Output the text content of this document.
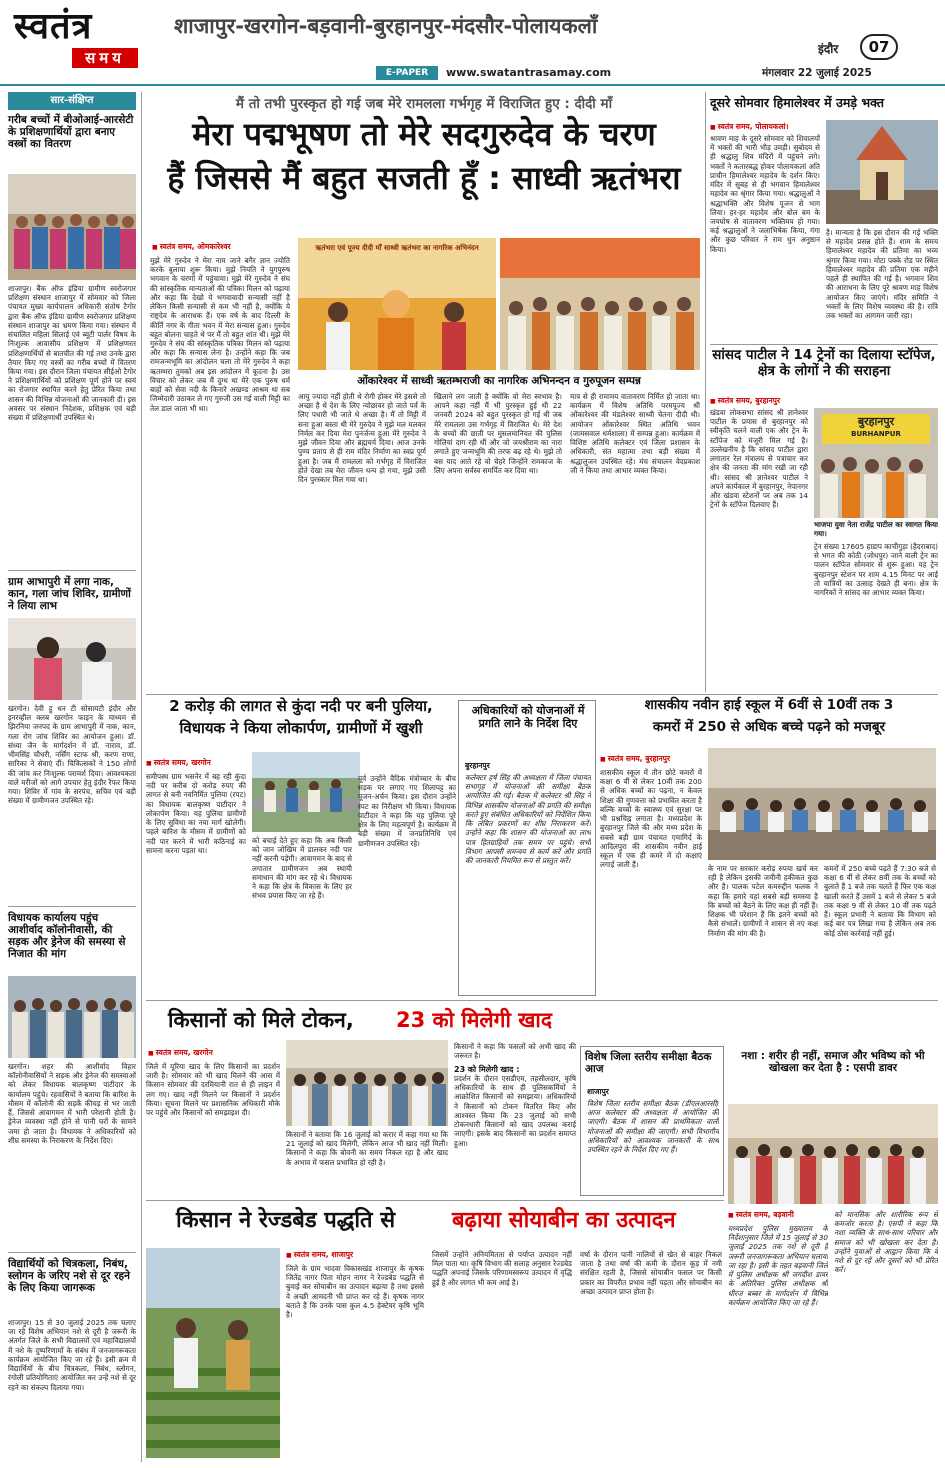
स्वतंत्र
समय
शाजापुर-खरगोन-बड़वानी-बुरहानपुर-मंदसौर-पोलायकलाँ
इंदौर	07
E-PAPER	www.swatantrasamay.com	मंगलवार 22 जुलाई 2025
सार-संक्षिप्त
गरीब बच्चों में बीओआई-आरसेटी के प्रशिक्षणार्थियों द्वारा बनाए वस्त्रों का वितरण
शाजापुर। बैंक ऑफ इंडिया ग्रामीण स्वरोजगार प्रशिक्षण संस्थान शाजापुर में सोमवार को जिला पंचायत मुख्य कार्यपालन अधिकारी संतोष टैगोर द्वारा बैंक ऑफ इंडिया ग्रामीण स्वरोजगार प्रशिक्षण संस्थान शाजापुर का भ्रमण किया गया। संस्थान में संचालित महिला सिलाई एवं ब्यूटी पार्लर विषय के निःशुल्क आवासीय प्रशिक्षण में प्रशिक्षणरत प्रशिक्षणार्थियों से बातचीत की गई तथा उनके द्वारा तैयार किए गए वस्त्रों का गरीब बच्चों में वितरण किया गया। इस दौरान जिला पंचायत सीईओ टैगोर ने प्रशिक्षणार्थियों को प्रशिक्षण पूर्ण होने पर स्वयं का रोजगार स्थापित करने हेतु प्रेरित किया तथा शासन की विभिन्न योजनाओं की जानकारी दी। इस अवसर पर संस्थान निदेशक, प्रशिक्षक एवं बड़ी संख्या में प्रशिक्षणार्थी उपस्थित थे।
ग्राम आभापुरी में लगा नाक, कान, गला जांच शिविर, ग्रामीणों ने लिया लाभ
खरगोन। देवी हु धन टी सोसायटी इंदौर और इनरव्हील क्लब खरगोन फाइन के माध्यम से झिरनिया जनपद के ग्राम आभापुरी में नाक, कान, गला रोग जांच शिविर का आयोजन हुआ। डॉ. संध्या जैन के मार्गदर्शन में डॉ. नाराव, डॉ. भीमसिंह चौधरी, नर्सिंग स्टाफ श्री, करण राणा, सारिका ने सेवाएं दीं। चिकित्सकों ने 150 लोगों की जांच कर निःशुल्क परामर्श दिया। आवश्यकता वाले मरीजों को आगे उपचार हेतु इंदौर रैफर किया गया। शिविर में गांव के सरपंच, सचिव एवं बड़ी संख्या में ग्रामीणजन उपस्थित रहे।
विधायक कार्यालय पहुंच आशीर्वाद कॉलोनीवासी, की सड़क और ड्रेनेज की समस्या से निजात की मांग
खरगोन। शहर की आशीर्वाद विहार कॉलोनीवासियों ने सड़क और ड्रेनेज की समस्याओं को लेकर विधायक बालकृष्ण पाटीदार के कार्यालय पहुंचे। रहवासियों ने बताया कि बारिश के मौसम में कॉलोनी की सड़कें कीचड़ से भर जाती हैं, जिससे आवागमन में भारी परेशानी होती है। ड्रेनेज व्यवस्था नहीं होने से पानी घरों के सामने जमा हो जाता है। विधायक ने अधिकारियों को शीघ्र समस्या के निराकरण के निर्देश दिए।
विद्यार्थियों को चित्रकला, निबंध, स्लोगन के जरिए नशे से दूर रहने के लिए किया जागरूक
शाजापुर। 15 से 30 जुलाई 2025 तक चलाए जा रहे विशेष अभियान नशे से दूरी है जरूरी के अंतर्गत जिले के सभी विद्यालयों एवं महाविद्यालयों में नशे के दुष्परिणामों के संबंध में जनजागरूकता कार्यक्रम आयोजित किए जा रहे हैं। इसी क्रम में विद्यार्थियों के बीच चित्रकला, निबंध, स्लोगन, रंगोली प्रतियोगिताएं आयोजित कर उन्हें नशे से दूर रहने का संकल्प दिलाया गया।
मैं तो तभी पुरस्कृत हो गई जब मेरे रामलला गर्भगृह में विराजित हुए : दीदी माँ
मेरा पद्मभूषण तो मेरे सदगुरुदेव के चरण
हैं जिससे मैं बहुत सजती हूँ : साध्वी ऋतंभरा
■ स्वतंत्र समय, ओमकारेश्वर	ऋतंभरा एवं पूज्य दीदी माँ साध्वी ऋतंभरा का नागरिक अभिनंदन
ओंकारेश्वर में साध्वी ऋतम्भराजी का नागरिक अभिनन्दन व गुरुपूजन सम्पन्न
मुझे मेरे गुरुदेव ने मेरा नाम जाने बगैर ज्ञान ज्योति करके बुलाया शुरू किया। मुझे नियति ने युगपुरुष भगवान के चरणों में पहुंचाया। मुझे मेरे गुरुदेव ने संघ की सांस्कृतिक मान्यताओं की पत्रिका मिलन को पढ़ाया और कहा कि देखो ये भगवावादी सन्यासी नहीं है लेकिन किसी सन्यासी से कम भी नहीं है, क्योंकि ये राष्ट्रदेव के आराधक हैं। एक वर्ष के बाद दिल्ली के कीर्ति नगर के गीता भवन में मेरा सन्यास हुआ। गुरुदेव बहुत बोलना चाहते थे पर मैं तो बहुत शांत थी। मुझे मेरे गुरुदेव ने संघ की सांस्कृतिक पत्रिका मिलन को पढ़ाया और कहा कि सन्यास लेना है। उन्होंने कहा कि जब रामजन्मभूमि का आंदोलन चला तो मेरे गुरुदेव ने कहा ऋतम्भरा तुमको अब इस आंदोलन में कूदना है। उस विचार को लेकर जब मैं दुग्ध था मेरे एक पुरुष धर्म बाहों को सेवा नदी के किनारे अखण्ड आश्रम था सब जिम्मेदारी उठाकर ले गए गुरुजी उस गई वाली मिट्टी का तेल डाल जाता भी था।
आयु ज्यादा नहीं होती थे रोगी होकर मेरे इससे तो अच्छा है थे देश के लिए न्योछावर हो जाते पर्व के लिए पधारी भी जाते थे अच्छा है। मैं तो मिट्टी में सना हुआ बस्ता थी मेरे गुरुदेव ने मुझे मल मलकर निर्मल कर दिया मेरा पुनर्जन्म हुआ मेरे गुरुदेव ने मुझे जीवन दिया और ब्रह्मचर्य दिया। आज उनके पुण्य प्रताप से ही राम मंदिर निर्माण का स्वप्न पूर्ण हुआ है। जब मैं रामलला को गर्भगृह में विराजित होते देखा तब मेरा जीवन धन्य हो गया, मुझे उसी दिन पुरस्कार मिल गया था।
खिलाने लग जाती है क्योंकि वो मेरा स्वभाव है। आपने कहा नहीं मैं भी पुरस्कृत हुई थी 22 जनवरी 2024 को बहुत पुरस्कृत हो गई थी जब मेरे रामलला उस गर्भगृह में विराजित थे। मेरे देश के बच्चों की छाती पर मुसलमानियत की पुलिस गोलियां दाग रही थीं और जो जयश्रीराम का नारा लगाते हुए जन्मभूमि की तरफ बढ़ रहे थे। मुझे तो बस याद आते रहे वो चेहरे जिन्होंने रामकाज के लिए अपना सर्वस्व समर्पित कर दिया था।
मात्र से ही रामामय वातावरण निर्मित हो जाता था। कार्यक्रम में विशेष अतिथि परमपूज्य श्री ओंकारेश्वर की मंडलेश्वर साध्वी चेतना दीदी थी। आयोजन ओंकारेश्वर स्थित अतिथि भवन (जामसवाल धर्मशाला) में सम्पन्न हुआ। कार्यक्रम में विशिष्ट अतिथि कलेक्टर एवं जिला प्रशासन के अधिकारी, संत महात्मा तथा बड़ी संख्या में श्रद्धालुजन उपस्थित रहे। मंच संचालन वेदप्रकाश जी ने किया तथा आभार व्यक्त किया।
दूसरे सोमवार हिमालेश्वर में उमड़े भक्त
■ स्वतंत्र समय, पोलायकलां।
श्रावण माह के दूसरे सोमवार को शिवालयों में भक्तों की भारी भीड़ उमड़ी। सुबोदय से ही श्रद्धालु शिव मंदिरों में पहुंचने लगे। भक्तों ने कतारबद्ध होकर पोलायकलां अति प्राचीन हिमालेश्वर महादेव के दर्शन किए। मंदिर में सुबह से ही भगवान हिमालेश्वर महादेव का श्रृंगार किया गया। श्रद्धालुओं ने श्रद्धाभक्ति और विशेष पूजन से भाग लिया। हर-हर महादेव और बोल बम के जयघोष से वातावरण भक्तिमय हो गया। कई श्रद्धालुओं ने जलाभिषेक किया, गंगा और कुछ परिवार ने राम धुन अनुष्ठान किया।
है। मान्यता है कि इस दौरान की गई भक्ति से महादेव प्रसन्न होते हैं। शाम के समय हिमालेश्वर महादेव की प्रतिमा का भव्य श्रृंगार किया गया। मोटा पक्के रोड पर स्थित हिमालेश्वर महादेव की प्रतिमा एक महीने पहले ही स्थापित की गई है। भगवान शिव की आराधना के लिए पूरे श्रावण माह विशेष आयोजन किए जाएंगे। मंदिर समिति ने भक्तों के लिए विशेष व्यवस्था की है। रात्रि तक भक्तों का आगमन जारी रहा।
सांसद पाटील ने 14 ट्रेनों का दिलाया स्टॉपेज, क्षेत्र के लोगों ने की सराहना
■ स्वतंत्र समय, बुरहानपुर
खंडवा लोकसभा सांसद श्री ज्ञानेश्वर पाटील के प्रयास से बुरहानपुर को स्वीकृति चलने वाली एक और ट्रेन के स्टॉपेज को मंजूरी मिल गई है। उल्लेखनीय है कि सांसद पाटील द्वारा लगातार रेल मंत्रालय से पत्राचार कर क्षेत्र की जनता की मांग रखी जा रही थी। सांसद श्री ज्ञानेश्वर पाटील ने अपने कार्यकाल में बुरहानपुर, नेपानगर और खंडवा स्टेशनों पर अब तक 14 ट्रेनों के स्टॉपेज दिलवाए हैं।
बुरहानपुर
BURHANPUR
भाजपा युवा नेता राजेंद्र पाटील का स्वागत किया गया।
ट्रेन संख्या 17605 हाडाप काचीगुड़ा (हैदराबाद) से भगत की कोठी (जोधपुर) जाने वाली ट्रेन का पालन स्टॉपेज सोमवार से शुरू हुआ। यह ट्रेन बुरहानपुर स्टेशन पर शाम 4.15 मिनट पर आई तो यात्रियों का उत्साह देखते ही बना। क्षेत्र के नागरिकों ने सांसद का आभार व्यक्त किया।
2 करोड़ की लागत से कुंदा नदी पर बनी पुलिया,
विधायक ने किया लोकार्पण, ग्रामीणों में खुशी
■ स्वतंत्र समय, खरगोन
समीपस्थ ग्राम भसनेर में बह रही कुंदा नदी पर करीब दो करोड़ रुपए की लागत से बनी नवनिर्मित पुलिया (रपट) का विधायक बालकृष्ण पाटीदार ने लोकार्पण किया। यह पुलिया ग्रामीणों के लिए सुविधा का नया मार्ग खोलेगी। पहले बारिश के मौसम में ग्रामीणों को नदी पार करने में भारी कठिनाई का सामना करना पड़ता था।
को बचाई देते हुए कहा कि अब किसी को जान जोखिम में डालकर नदी पार नहीं करनी पड़ेगी। आवागमन के बाद से लगातार ग्रामीणजन अब स्थायी समाधान की मांग कर रहे थे। विधायक ने कहा कि क्षेत्र के विकास के लिए हर संभव प्रयास किए जा रहे हैं।
पूर्व उन्होंने वैदिक मंत्रोच्चार के बीच सड़क पर लगाए गए शिलापट्ट का पूजन-अर्चन किया। इस दौरान उन्होंने स्पट का निरीक्षण भी किया। विधायक पाटीदार ने कहा कि यह पुलिया पूरे क्षेत्र के लिए महत्वपूर्ण है। कार्यक्रम में बड़ी संख्या में जनप्रतिनिधि एवं ग्रामीणजन उपस्थित रहे।
अधिकारियों को योजनाओं में प्रगति लाने के निर्देश दिए
बुरहानपुर
कलेक्टर हर्ष सिंह की अध्यक्षता में जिला पंचायत सभागृह में योजनाओं की समीक्षा बैठक आयोजित की गई। बैठक में कलेक्टर श्री सिंह ने विभिन्न शासकीय योजनाओं की प्रगति की समीक्षा करते हुए संबंधित अधिकारियों को निर्देशित किया कि लंबित प्रकरणों का शीघ्र निराकरण करें। उन्होंने कहा कि शासन की योजनाओं का लाभ पात्र हितग्राहियों तक समय पर पहुंचे। सभी विभाग आपसी समन्वय से कार्य करें और प्रगति की जानकारी नियमित रूप से प्रस्तुत करें।
शासकीय नवीन हाई स्कूल में 6वीं से 10वीं तक 3
कमरों में 250 से अधिक बच्चे पढ़ने को मजबूर
■ स्वतंत्र समय, बुरहानपुर
शासकीय स्कूल में तीन छोटे कमरों में कक्षा 6 वीं से लेकर 10वीं तक 200 से अधिक बच्चों का पढ़ना, न केवल शिक्षा की गुणवत्ता को प्रभावित करता है बल्कि बच्चों के स्वास्थ्य एवं सुरक्षा पर भी प्रश्नचिह्न लगाता है। मध्यप्रदेश के बुरहानपुर जिले की और मध्य प्रदेश के सबसे बड़ी ग्राम पंचायत एमागिर्द के आदिलपुरा की शासकीय नवीन हाई स्कूल में एक ही कमरे में दो कक्षाएं लगाई जाती हैं।	के नाम पर सरकार करोड़ रुपया खर्च कर रही है लेकिन इसकी जमीनी हकीकत कुछ और है। पालक पटेल कमरुद्दीन फलक ने कहा कि हमारे यहां सबसे बड़ी समस्या है कि बच्चों को बैठने के लिए कक्ष ही नहीं हैं। शिक्षक भी परेशान हैं कि इतने बच्चों को कैसे संभालें। ग्रामीणों ने शासन से नए कक्ष निर्माण की मांग की है।
कमरों में 250 बच्चे पढ़ते हैं 7:30 बजे से कक्षा 6 वीं से लेकर 8वीं तक के बच्चों को बुलाते हैं 1 बजे तक चलते हैं फिर एक कक्ष खाली करते हैं उसमें 1 बजे से लेकर 5 बजे तक कक्षा 9 वीं से लेकर 10 वीं तक पढ़ते हैं। स्कूल प्रभारी ने बताया कि विभाग को कई बार पत्र लिखा गया है लेकिन अब तक कोई ठोस कार्रवाई नहीं हुई।
किसानों को मिले टोकन, 23 को मिलेगी खाद
■ स्वतंत्र समय, खरगोन
जिले में यूरिया खाद के लिए किसानों का प्रदर्शन जारी है। सोमवार को भी खाद मिलने की आस में किसान सोमवार की दरमियानी रात से ही लाइन में लग गए। खाद नहीं मिलने पर किसानों ने प्रदर्शन किया। सूचना मिलने पर प्रशासनिक अधिकारी मौके पर पहुंचे और किसानों को समझाइश दी।
किसानों ने बताया कि 16 जुलाई को करार में कहा गया था कि 21 जुलाई को खाद मिलेगी, लेकिन आज भी खाद नहीं मिली। किसानों ने कहा कि बोवनी का समय निकल रहा है और खाद के अभाव में फसल प्रभावित हो रही है।
किसानों ने कहा कि फसलों को अभी खाद की जरूरत है।
23 को मिलेगी खाद :
प्रदर्शन के दौरान एसडीएम, तहसीलदार, कृषि अधिकारियों के साथ ही पुलिसकर्मियों ने आक्रोशित किसानों को समझाया। अधिकारियों ने किसानों को टोकन वितरित किए और आश्वस्त किया कि 23 जुलाई को सभी टोकनधारी किसानों को खाद उपलब्ध कराई जाएगी। इसके बाद किसानों का प्रदर्शन समाप्त हुआ।
विशेष जिला स्तरीय समीक्षा बैठक आज
शाजापुर
विशेष जिला स्तरीय समीक्षा बैठक (डीएलआरसी) आज कलेक्टर की अध्यक्षता में आयोजित की जाएगी। बैठक में शासन की प्राथमिकता वाली योजनाओं की समीक्षा की जाएगी। सभी विभागीय अधिकारियों को आवश्यक जानकारी के साथ उपस्थित रहने के निर्देश दिए गए हैं।
नशा : शरीर ही नहीं, समाज और भविष्य को भी खोखला कर देता है : एसपी डावर
■ स्वतंत्र समय, बड़वानी
मध्यप्रदेश पुलिस मुख्यालय के निर्देशानुसार जिले में 15 जुलाई से 30 जुलाई 2025 तक नशे से दूरी है जरूरी जनजागरूकता अभियान चलाया जा रहा है। इसी के तहत बड़वानी जिले में पुलिस अधीक्षक श्री जगदीश डावर के अतिरिक्त पुलिस अधीक्षक श्री धीरज बब्बर के मार्गदर्शन में विभिन्न कार्यक्रम आयोजित किए जा रहे हैं।
को मानसिक और शारीरिक रूप से कमजोर करता है। एसपी ने कहा कि नशा व्यक्ति के साथ-साथ परिवार और समाज को भी खोखला कर देता है। उन्होंने युवाओं से आह्वान किया कि वे नशे से दूर रहें और दूसरों को भी प्रेरित करें।
किसान ने रेज्डबेड पद्धति से	बढ़ाया सोयाबीन का उत्पादन
■ स्वतंत्र समय, शाजापुर
जिले के ग्राम भादवा विकासखंड शाजापुर के कृषक जितेंद्र नागर पिता मोहन नागर ने रेज्डबेड पद्धति से बुवाई कर सोयाबीन का उत्पादन बढ़ाया है तथा इससे वे अच्छी आमदनी भी प्राप्त कर रहे हैं। कृषक नागर बताते हैं कि उनके पास कुल 4.5 हेक्टेयर कृषि भूमि है।
जिसमें उन्होंने अनियमितता से पर्याप्त उत्पादन नहीं मिल पाता था। कृषि विभाग की सलाह अनुसार रेज्डबेड पद्धति अपनाई जिसके परिणामस्वरूप उत्पादन में वृद्धि हुई है और लागत भी कम आई है।
वर्षा के दौरान पानी नालियों से खेत से बाहर निकल जाता है तथा वर्षा की कमी के दौरान कूड़ में नमी संरक्षित रहती है, जिससे सोयाबीन फसल पर किसी प्रकार का विपरीत प्रभाव नहीं पड़ता और सोयाबीन का अच्छा उत्पादन प्राप्त होता है।
